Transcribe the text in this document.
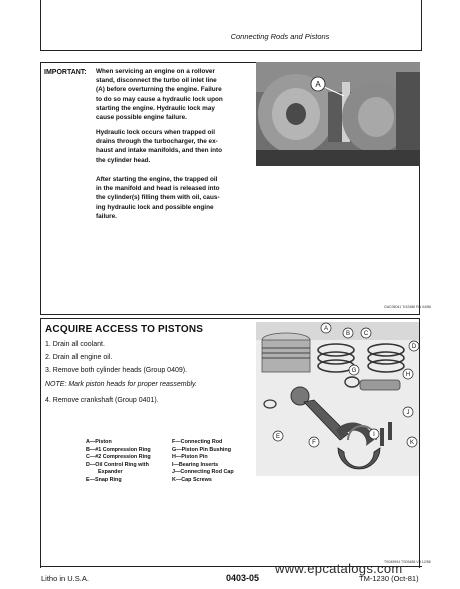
Connecting Rods and Pistons
IMPORTANT: When servicing an engine on a rollover
stand, disconnect the turbo oil inlet line
(A) before overturning the engine. Failure
to do so may cause a hydraulic lock upon
starting the engine. Hydraulic lock may
cause possible engine failure.
Hydraulic lock occurs when trapped oil
drains through the turbocharger, the ex-
haust and intake manifolds, and then into
the cylinder head.
After starting the engine, the trapped oil
in the manifold and head is released into
the cylinder(s) filling them with oil, caus-
ing hydraulic lock and possible engine
failure.
A
GAC05041 Tr32486 RN 04/86
ACQUIRE ACCESS TO PISTONS
1. Drain all coolant.
2. Drain all engine oil.
3. Remove both cylinder heads (Group 0409).
NOTE: Mark piston heads for proper reassembly.
4. Remove crankshaft (Group 0401).
A—Piston
B—#1 Compression Ring
C—#2 Compression Ring
D—Oil Control Ring with
Expander
E—Snap Ring
F—Connecting Rod
G—Piston Pin Bushing
H—Piston Pin
I—Bearing Inserts
J—Connecting Rod Cap
K—Cap Screws
A
B C
D
E
F
G
H
I
J
K
TS045994 TS05488 VB 12/86
Litho in U.S.A.	0403-05	TM-1230 (Oct-81)
www.epcatalogs.com
